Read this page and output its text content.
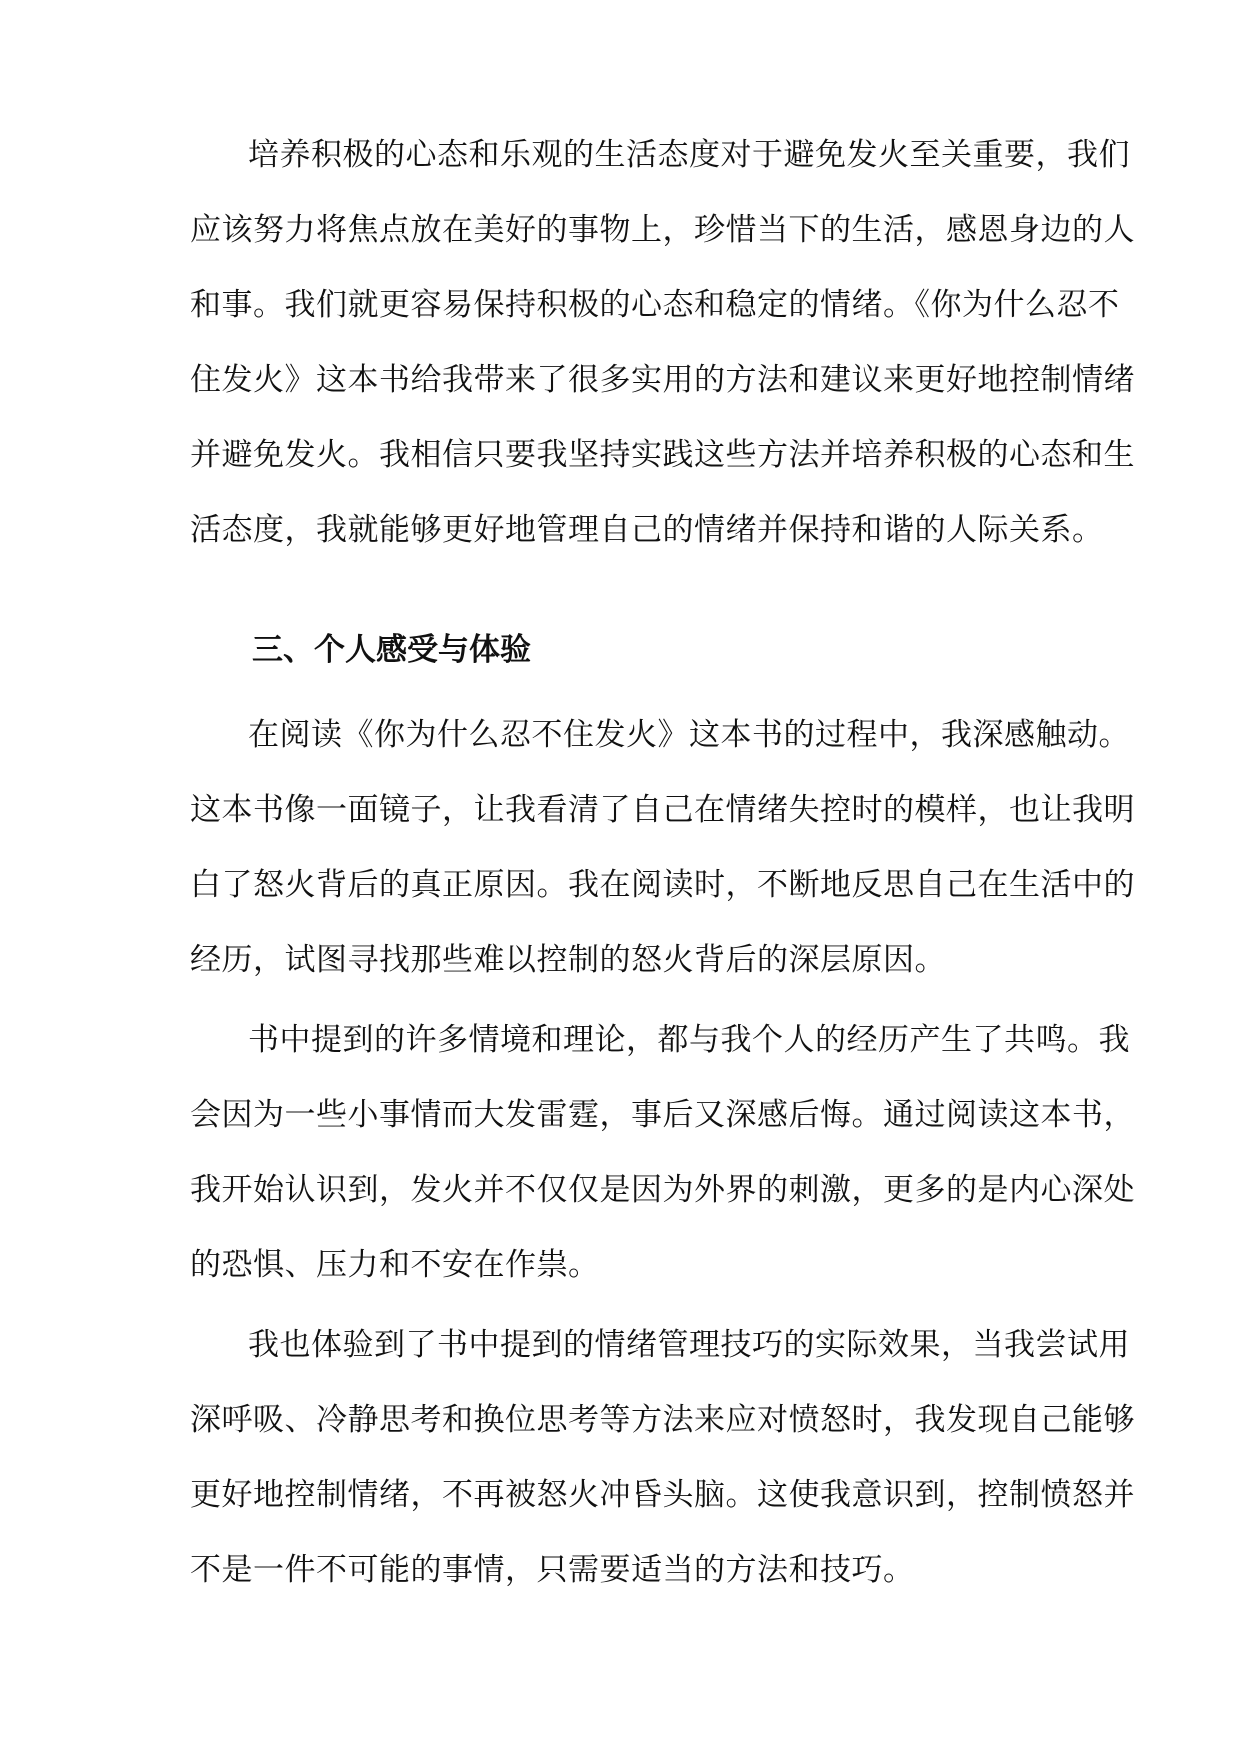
培养积极的心态和乐观的生活态度对于避免发火至关重要，我们
应该努力将焦点放在美好的事物上，珍惜当下的生活，感恩身边的人
和事。我们就更容易保持积极的心态和稳定的情绪。《你为什么忍不
住发火》这本书给我带来了很多实用的方法和建议来更好地控制情绪
并避免发火。我相信只要我坚持实践这些方法并培养积极的心态和生
活态度，我就能够更好地管理自己的情绪并保持和谐的人际关系。
三、个人感受与体验
在阅读《你为什么忍不住发火》这本书的过程中，我深感触动。
这本书像一面镜子，让我看清了自己在情绪失控时的模样，也让我明
白了怒火背后的真正原因。我在阅读时，不断地反思自己在生活中的
经历，试图寻找那些难以控制的怒火背后的深层原因。
书中提到的许多情境和理论，都与我个人的经历产生了共鸣。我
会因为一些小事情而大发雷霆，事后又深感后悔。通过阅读这本书，
我开始认识到，发火并不仅仅是因为外界的刺激，更多的是内心深处
的恐惧、压力和不安在作祟。
我也体验到了书中提到的情绪管理技巧的实际效果，当我尝试用
深呼吸、冷静思考和换位思考等方法来应对愤怒时，我发现自己能够
更好地控制情绪，不再被怒火冲昏头脑。这使我意识到，控制愤怒并
不是一件不可能的事情，只需要适当的方法和技巧。
